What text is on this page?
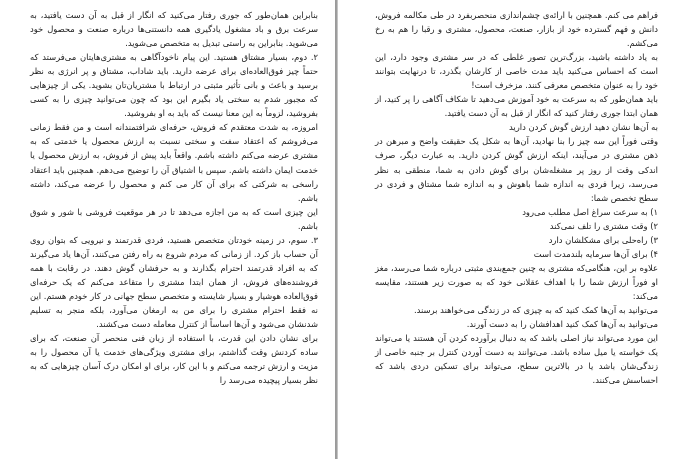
بنابراین همان‌طور که جوری رفتار می‌کنید که انگار از قبل به آن دست یافتید، به سرعت برق و باد مشغول یادگیری همه دانستنی‌ها درباره صنعت و محصول خود می‌شوید. بنابراین به راستی تبدیل به متخصص می‌شوید.

۲. دوم، بسیار مشتاق هستید. این پیام ناخودآگاهی به مشتری‌هایتان می‌فرستد که حتماً چیز فوق‌العاده‌ای برای عرضه دارید. باید شاداب، مشتاق و پر انرژی به نظر برسید و باعث و بانی تأثیر مثبتی در ارتباط با مشتریان‌تان بشوید. یکی از چیزهایی که مجبور شدم به سختی یاد بگیرم این بود که چون می‌توانید چیزی را به کسی بفروشید، لزوماً به این معنا نیست که باید به او بفروشید.

امروزه، به شدت معتقدم که فروش، حرفه‌ای شرافتمندانه است و من فقط زمانی می‌فروشم که اعتقاد سفت و سختی نسبت به ارزش محصول یا خدمتی که به مشتری عرضه می‌کنم داشته باشم. واقعاً باید پیش از فروش، به ارزش محصول یا خدمت ایمان داشته باشم. سپس با اشتیاق آن را توضیح می‌دهم. همچنین باید اعتقاد راسخی به شرکتی که برای آن کار می کنم و محصول را عرضه می‌کند، داشته باشم.

این چیزی است که به من اجازه می‌دهد تا در هر موقعیت فروشی با شور و شوق باشم.

۳. سوم، در زمینه خودتان متخصص هستید، فردی قدرتمند و نیرویی که بتوان روی آن حساب باز کرد. از زمانی که مردم شروع به راه رفتن می‌کنند، آن‌ها یاد می‌گیرند که به افراد قدرتمند احترام بگذارند و به حرفشان گوش دهند. در رقابت با همه فروشنده‌های فروش، از همان ابتدا مشتری را متقاعد می‌کنم که یک حرفه‌ای فوق‌العاده هوشیار و بسیار شایسته و متخصص سطح جهانی در کار خودم هستم. این نه فقط احترام مشتری را برای من به ارمغان می‌آورد، بلکه منجر به تسلیم شدنشان می‌شود و آن‌ها اساساً از کنترل معامله دست می‌کشند.

برای نشان دادن این قدرت، با استفاده از زبان فنی منحصر آن صنعت، که برای ساده کردنش وقت گذاشتم، برای مشتری ویژگی‌های خدمت یا آن محصول را به مزیت و ارزش ترجمه می‌کنم و با این کار، برای او امکان درک آسان چیزهایی که به نظر بسیار پیچیده می‌رسد را

فراهم می کنم. همچنین با ارائه‌ی چشم‌اندازی منحصربفرد در طی مکالمه فروش، دانش و فهم گسترده خود از بازار، صنعت، محصول، مشتری و رقبا را هم به رخ می‌کشم.

به یاد داشته باشید، بزرگ‌ترین تصور غلطی که در سر مشتری وجود دارد، این است که احساس می‌کنید باید مدت خاصی از کارشان بگذرد، تا درنهایت بتوانند خود را به عنوان متخصص معرفی کنند. مزخرف است!

باید همان‌طور که به سرعت به خود آموزش می‌دهید تا شکاف آگاهی را پر کنید، از همان ابتدا جوری رفتار کنید که انگار از قبل به آن دست یافتید.

به آن‌ها نشان دهید ارزش گوش کردن دارید

وقتی فوراً این سه چیز را بنا نهادید، آن‌ها به شکل یک حقیقت واضح و مبرهن در ذهن مشتری در می‌آیند، اینکه ارزش گوش کردن دارید. به عبارت دیگر، صرف اندکی وقت از روز پر مشغله‌شان برای گوش دادن به شما، منطقی به نظر می‌رسد، زیرا فردی به اندازه شما باهوش و به اندازه شما مشتاق و فردی در سطح تخصص شما:

۱) به سرعت سراغ اصل مطلب می‌رود

۲) وقت مشتری را تلف نمی‌کند

۳) راه‌حلی برای مشکلشان دارد

۴) برای آن‌ها سرمایه بلندمدت است

علاوه بر این، هنگامی‌که مشتری به چنین جمع‌بندی مثبتی درباره شما می‌رسد، مغز او فوراً ارزش شما را با اهداف عقلانی خود که به صورت زیر هستند، مقایسه می‌کند:

می‌توانید به آن‌ها کمک کنید که به چیزی که در زندگی می‌خواهند برسند.

می‌توانید به آن‌ها کمک کنید اهدافشان را به دست آورند.

این مورد می‌تواند نیاز اصلی باشد که به دنبال برآورده کردن آن هستند یا می‌تواند یک خواسته یا میل ساده باشد. می‌توانند به دست آوردن کنترل بر جنبه خاصی از زندگی‌شان باشد یا در بالاترین سطح، می‌تواند برای تسکین دردی باشد که احساسش می‌کنند.
